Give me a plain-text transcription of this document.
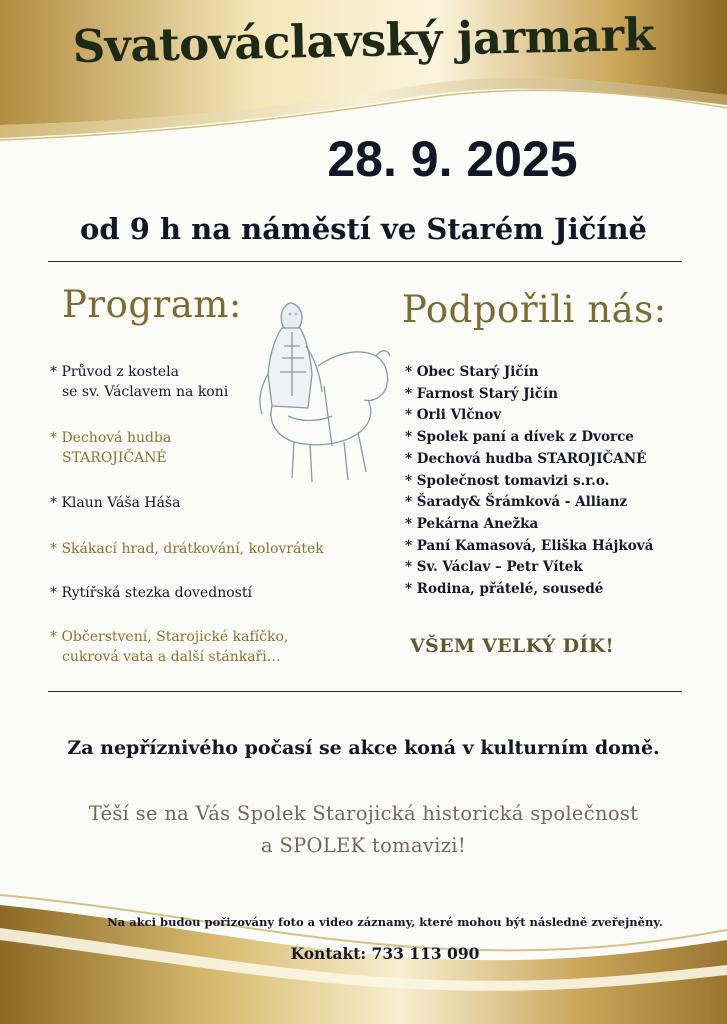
Svatováclavský jarmark
28. 9. 2025
od 9 h na náměstí ve Starém Jičíně
Program:	Podpořili nás:
* Průvod z kostela
se sv. Václavem na koni
* Dechová hudba
STAROJIČANÉ
* Klaun Váša Háša
* Skákací hrad, drátkování, kolovrátek
* Rytířská stezka dovedností
* Občerstvení, Starojické kafíčko,
cukrová vata a další stánkaři…
* Obec Starý Jičín
* Farnost Starý Jičín
* Orli Vlčnov
* Spolek paní a dívek z Dvorce
* Dechová hudba STAROJIČANÉ
* Společnost tomavizi s.r.o.
* Šarady& Šrámková - Allianz
* Pekárna Anežka
* Paní Kamasová, Eliška Hájková
* Sv. Václav – Petr Vítek
* Rodina, přátelé, sousedé
VŠEM VELKÝ DÍK!
Za nepříznivého počasí se akce koná v kulturním domě.
Těší se na Vás Spolek Starojická historická společnost
a SPOLEK tomavizi!
Na akci budou pořizovány foto a video záznamy, které mohou být následně zveřejněny.
Kontakt: 733 113 090
